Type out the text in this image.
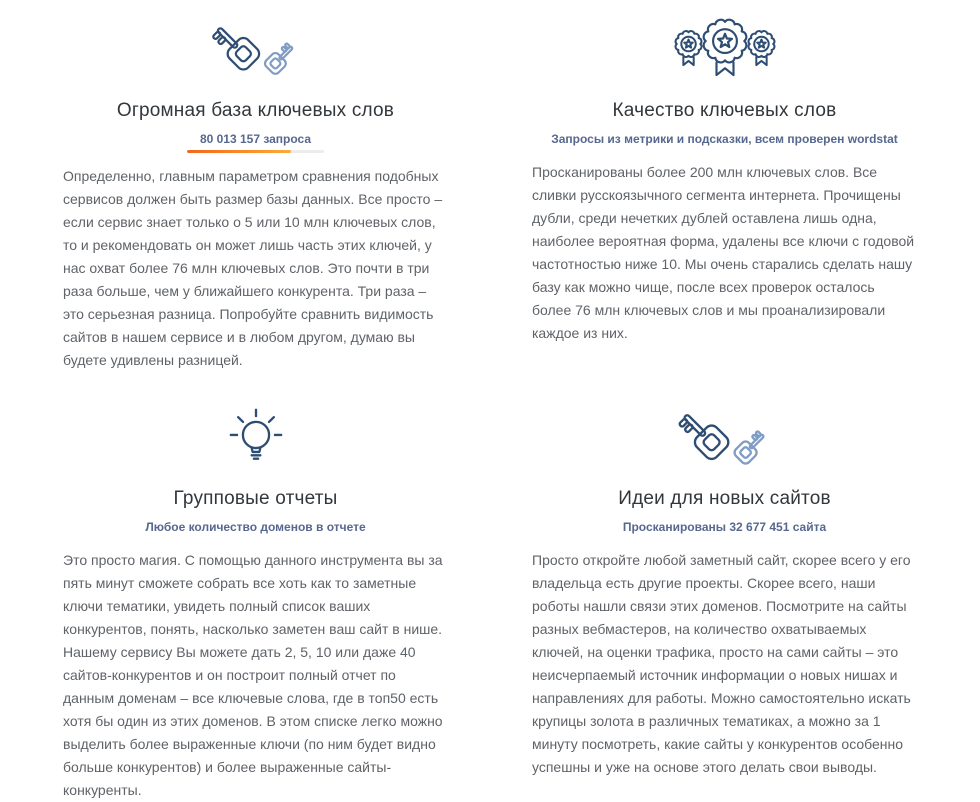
Огромная база ключевых слов
80 013 157 запроса

Определенно, главным параметром сравнения подобных сервисов должен быть размер базы данных. Все просто – если сервис знает только о 5 или 10 млн ключевых слов, то и рекомендовать он может лишь часть этих ключей, у нас охват более 76 млн ключевых слов. Это почти в три раза больше, чем у ближайшего конкурента. Три раза – это серьезная разница. Попробуйте сравнить видимость сайтов в нашем сервисе и в любом другом, думаю вы будете удивлены разницей.

Качество ключевых слов
Запросы из метрики и подсказки, всем проверен wordstat

Просканированы более 200 млн ключевых слов. Все сливки русскоязычного сегмента интернета. Прочищены дубли, среди нечетких дублей оставлена лишь одна, наиболее вероятная форма, удалены все ключи с годовой частотностью ниже 10. Мы очень старались сделать нашу базу как можно чище, после всех проверок осталось более 76 млн ключевых слов и мы проанализировали каждое из них.

Групповые отчеты
Любое количество доменов в отчете

Это просто магия. С помощью данного инструмента вы за пять минут сможете собрать все хоть как то заметные ключи тематики, увидеть полный список ваших конкурентов, понять, насколько заметен ваш сайт в нише. Нашему сервису Вы можете дать 2, 5, 10 или даже 40 сайтов-конкурентов и он построит полный отчет по данным доменам – все ключевые слова, где в топ50 есть хотя бы один из этих доменов. В этом списке легко можно выделить более выраженные ключи (по ним будет видно больше конкурентов) и более выраженные сайты-конкуренты.

Идеи для новых сайтов
Просканированы 32 677 451 сайта

Просто откройте любой заметный сайт, скорее всего у его владельца есть другие проекты. Скорее всего, наши роботы нашли связи этих доменов. Посмотрите на сайты разных вебмастеров, на количество охватываемых ключей, на оценки трафика, просто на сами сайты – это неисчерпаемый источник информации о новых нишах и направлениях для работы. Можно самостоятельно искать крупицы золота в различных тематиках, а можно за 1 минуту посмотреть, какие сайты у конкурентов особенно успешны и уже на основе этого делать свои выводы.
